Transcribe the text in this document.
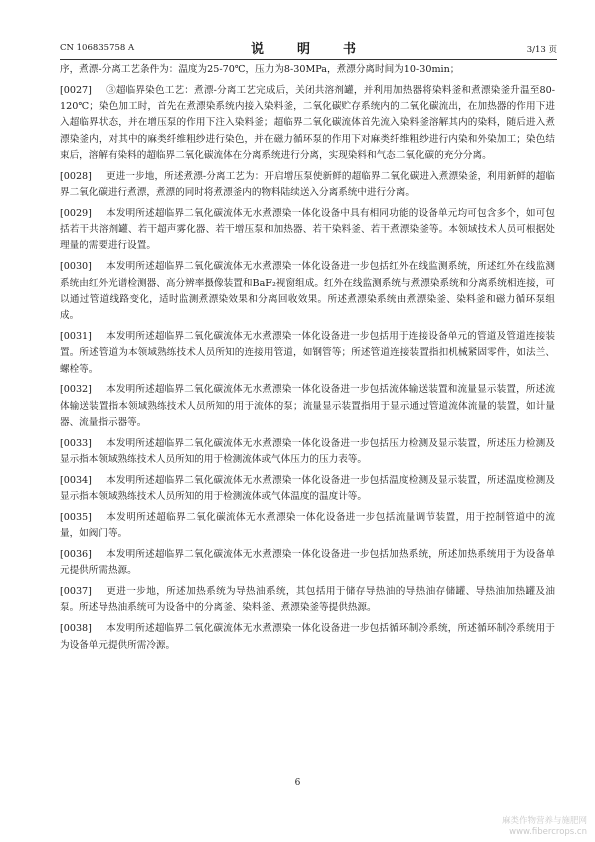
CN 106835758 A	说　明　书	3/13 页

序，煮漂-分离工艺条件为：温度为25-70℃，压力为8-30MPa，煮漂分离时间为10-30min；

[0027] ③超临界染色工艺：煮漂-分离工艺完成后，关闭共溶剂罐，并利用加热器将染料釜和煮漂染釜升温至80-120℃；染色加工时，首先在煮漂染系统内接入染料釜，二氧化碳贮存系统内的二氧化碳流出，在加热器的作用下进入超临界状态，并在增压泵的作用下注入染料釜；超临界二氧化碳流体首先流入染料釜溶解其内的染料，随后进入煮漂染釜内，对其中的麻类纤维粗纱进行染色，并在磁力循环泵的作用下对麻类纤维粗纱进行内染和外染加工；染色结束后，溶解有染料的超临界二氧化碳流体在分离系统进行分离，实现染料和气态二氧化碳的充分分离。

[0028] 更进一步地，所述煮漂-分离工艺为：开启增压泵使新鲜的超临界二氧化碳进入煮漂染釜，利用新鲜的超临界二氧化碳进行煮漂，煮漂的同时将煮漂釜内的物料陆续送入分离系统中进行分离。

[0029] 本发明所述超临界二氧化碳流体无水煮漂染一体化设备中具有相同功能的设备单元均可包含多个，如可包括若干共溶剂罐、若干超声雾化器、若干增压泵和加热器、若干染料釜、若干煮漂染釜等。本领域技术人员可根据处理量的需要进行设置。

[0030] 本发明所述超临界二氧化碳流体无水煮漂染一体化设备进一步包括红外在线监测系统，所述红外在线监测系统由红外光谱检测器、高分辨率摄像装置和BaF₂视窗组成。红外在线监测系统与煮漂染系统和分离系统相连接，可以通过管道线路变化，适时监测煮漂染效果和分离回收效果。所述煮漂染系统由煮漂染釜、染料釜和磁力循环泵组成。

[0031] 本发明所述超临界二氧化碳流体无水煮漂染一体化设备进一步包括用于连接设备单元的管道及管道连接装置。所述管道为本领域熟练技术人员所知的连接用管道，如钢管等；所述管道连接装置指扣机械紧固零件，如法兰、螺栓等。

[0032] 本发明所述超临界二氧化碳流体无水煮漂染一体化设备进一步包括流体输送装置和流量显示装置，所述流体输送装置指本领域熟练技术人员所知的用于流体的泵；流量显示装置指用于显示通过管道流体流量的装置，如计量器、流量指示器等。

[0033] 本发明所述超临界二氧化碳流体无水煮漂染一体化设备进一步包括压力检测及显示装置，所述压力检测及显示指本领域熟练技术人员所知的用于检测流体或气体压力的压力表等。

[0034] 本发明所述超临界二氧化碳流体无水煮漂染一体化设备进一步包括温度检测及显示装置，所述温度检测及显示指本领域熟练技术人员所知的用于检测流体或气体温度的温度计等。

[0035] 本发明所述超临界二氧化碳流体无水煮漂染一体化设备进一步包括流量调节装置，用于控制管道中的流量，如阀门等。

[0036] 本发明所述超临界二氧化碳流体无水煮漂染一体化设备进一步包括加热系统，所述加热系统用于为设备单元提供所需热源。

[0037] 更进一步地，所述加热系统为导热油系统，其包括用于储存导热油的导热油存储罐、导热油加热罐及油泵。所述导热油系统可为设备中的分离釜、染料釜、煮漂染釜等提供热源。

[0038] 本发明所述超临界二氧化碳流体无水煮漂染一体化设备进一步包括循环制冷系统，所述循环制冷系统用于为设备单元提供所需冷源。

6
麻类作物营养与施肥网
www.fibercrops.cn
